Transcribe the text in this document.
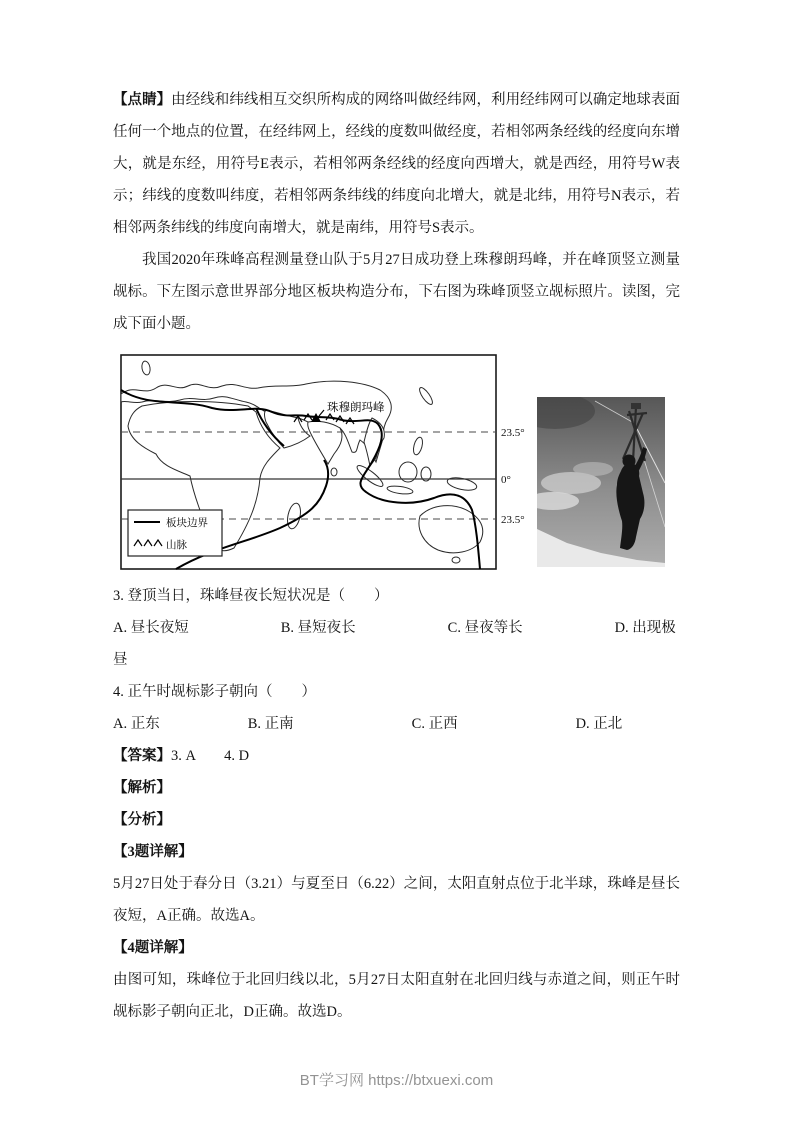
【点睛】由经线和纬线相互交织所构成的网络叫做经纬网，利用经纬网可以确定地球表面任何一个地点的位置，在经纬网上，经线的度数叫做经度，若相邻两条经线的经度向东增大，就是东经，用符号E表示，若相邻两条经线的经度向西增大，就是西经，用符号W表示；纬线的度数叫纬度，若相邻两条纬线的纬度向北增大，就是北纬，用符号N表示，若相邻两条纬线的纬度向南增大，就是南纬，用符号S表示。

我国2020年珠峰高程测量登山队于5月27日成功登上珠穆朗玛峰，并在峰顶竖立测量觇标。下左图示意世界部分地区板块构造分布，下右图为珠峰顶竖立觇标照片。读图，完成下面小题。

珠穆朗玛峰
板块边界
山脉
23.5°
0°
23.5°

3. 登顶当日，珠峰昼夜长短状况是（　　）

A. 昼长夜短	B. 昼短夜长	C. 昼夜等长	D. 出现极昼

4. 正午时觇标影子朝向（　　）

A. 正东	B. 正南	C. 正西	D. 正北

【答案】3. A　　4. D

【解析】

【分析】

【3题详解】

5月27日处于春分日（3.21）与夏至日（6.22）之间，太阳直射点位于北半球，珠峰是昼长夜短，A正确。故选A。

【4题详解】

由图可知，珠峰位于北回归线以北，5月27日太阳直射在北回归线与赤道之间，则正午时觇标影子朝向正北，D正确。故选D。

BT学习网 https://btxuexi.com
